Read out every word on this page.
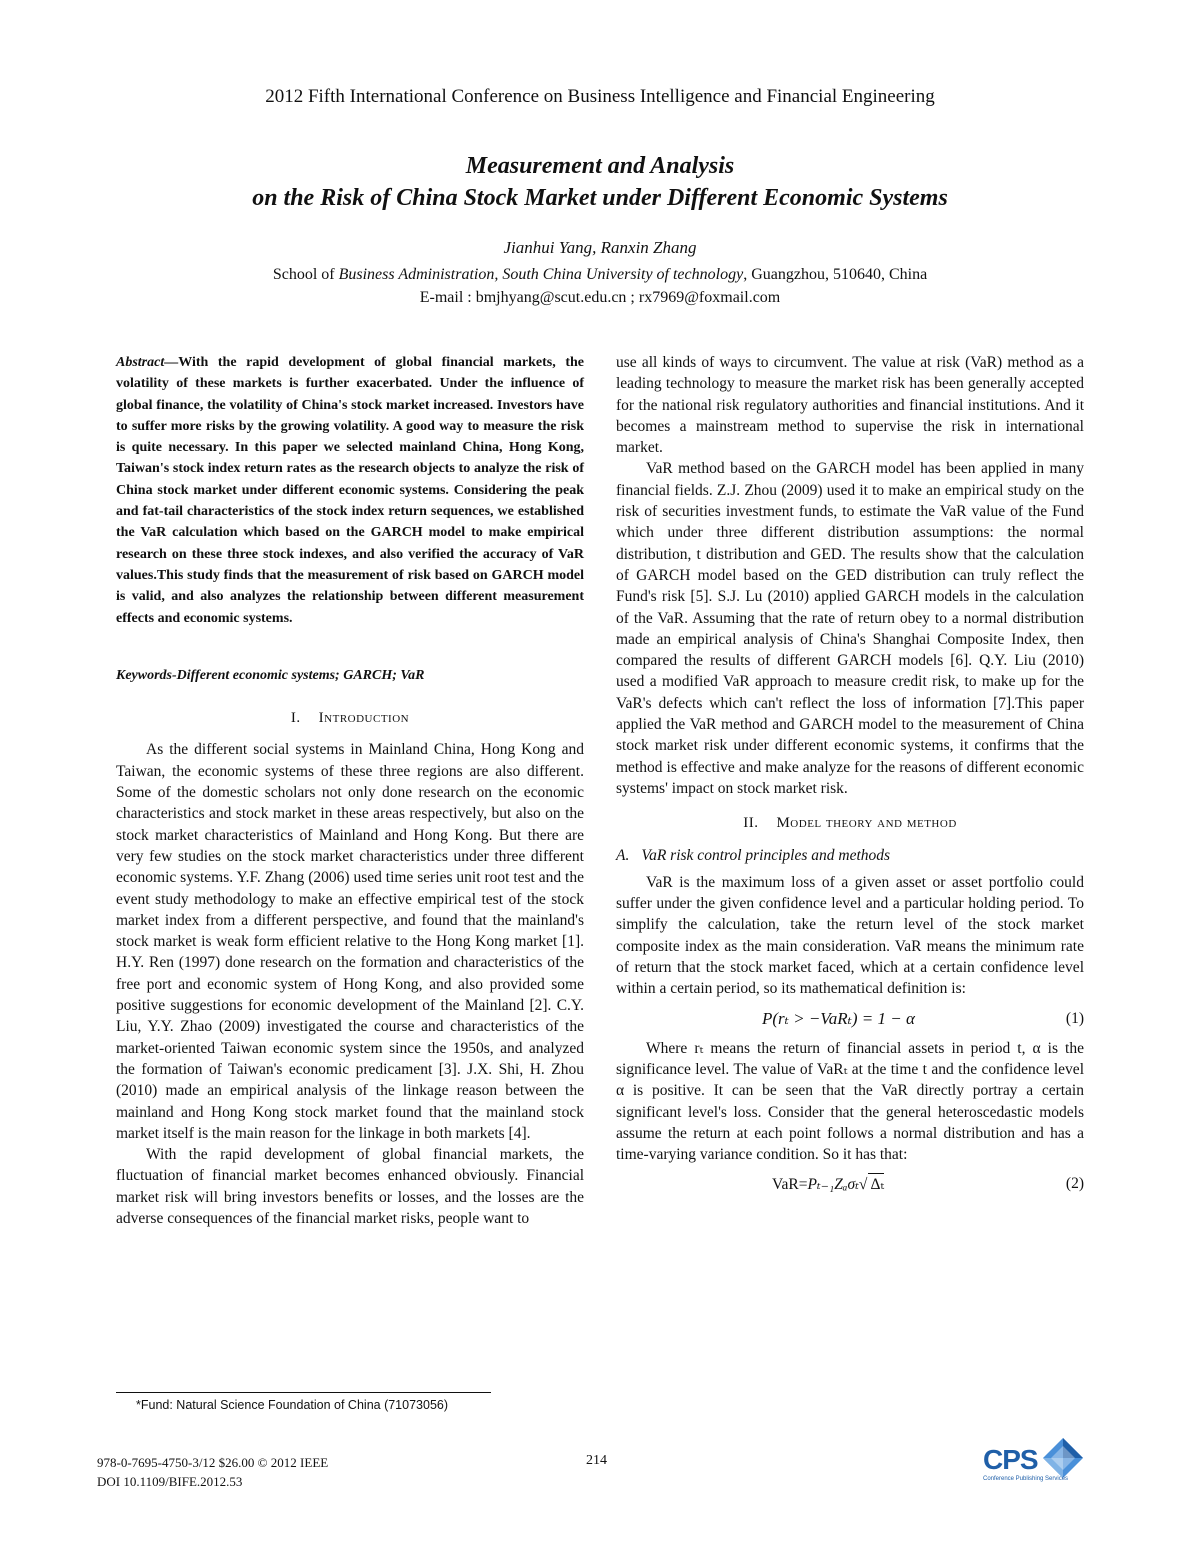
2012 Fifth International Conference on Business Intelligence and Financial Engineering
Measurement and Analysis
on the Risk of China Stock Market under Different Economic Systems
Jianhui Yang, Ranxin Zhang
School of Business Administration, South China University of technology, Guangzhou, 510640, China
E-mail : bmjhyang@scut.edu.cn ; rx7969@foxmail.com

Abstract—With the rapid development of global financial markets, the volatility of these markets is further exacerbated. Under the influence of global finance, the volatility of China's stock market increased. Investors have to suffer more risks by the growing volatility. A good way to measure the risk is quite necessary. In this paper we selected mainland China, Hong Kong, Taiwan's stock index return rates as the research objects to analyze the risk of China stock market under different economic systems. Considering the peak and fat-tail characteristics of the stock index return sequences, we established the VaR calculation which based on the GARCH model to make empirical research on these three stock indexes, and also verified the accuracy of VaR values.This study finds that the measurement of risk based on GARCH model is valid, and also analyzes the relationship between different measurement effects and economic systems.

Keywords-Different economic systems; GARCH; VaR
I. Introduction

As the different social systems in Mainland China, Hong Kong and Taiwan, the economic systems of these three regions are also different. Some of the domestic scholars not only done research on the economic characteristics and stock market in these areas respectively, but also on the stock market characteristics of Mainland and Hong Kong. But there are very few studies on the stock market characteristics under three different economic systems. Y.F. Zhang (2006) used time series unit root test and the event study methodology to make an effective empirical test of the stock market index from a different perspective, and found that the mainland's stock market is weak form efficient relative to the Hong Kong market [1]. H.Y. Ren (1997) done research on the formation and characteristics of the free port and economic system of Hong Kong, and also provided some positive suggestions for economic development of the Mainland [2]. C.Y. Liu, Y.Y. Zhao (2009) investigated the course and characteristics of the market-oriented Taiwan economic system since the 1950s, and analyzed the formation of Taiwan's economic predicament [3]. J.X. Shi, H. Zhou (2010) made an empirical analysis of the linkage reason between the mainland and Hong Kong stock market found that the mainland stock market itself is the main reason for the linkage in both markets [4].

With the rapid development of global financial markets, the fluctuation of financial market becomes enhanced obviously. Financial market risk will bring investors benefits or losses, and the losses are the adverse consequences of the financial market risks, people want to

use all kinds of ways to circumvent. The value at risk (VaR) method as a leading technology to measure the market risk has been generally accepted for the national risk regulatory authorities and financial institutions. And it becomes a mainstream method to supervise the risk in international market.

VaR method based on the GARCH model has been applied in many financial fields. Z.J. Zhou (2009) used it to make an empirical study on the risk of securities investment funds, to estimate the VaR value of the Fund which under three different distribution assumptions: the normal distribution, t distribution and GED. The results show that the calculation of GARCH model based on the GED distribution can truly reflect the Fund's risk [5]. S.J. Lu (2010) applied GARCH models in the calculation of the VaR. Assuming that the rate of return obey to a normal distribution made an empirical analysis of China's Shanghai Composite Index, then compared the results of different GARCH models [6]. Q.Y. Liu (2010) used a modified VaR approach to measure credit risk, to make up for the VaR's defects which can't reflect the loss of information [7].This paper applied the VaR method and GARCH model to the measurement of China stock market risk under different economic systems, it confirms that the method is effective and make analyze for the reasons of different economic systems' impact on stock market risk.

II. Model theory and method
A. VaR risk control principles and methods

VaR is the maximum loss of a given asset or asset portfolio could suffer under the given confidence level and a particular holding period. To simplify the calculation, take the return level of the stock market composite index as the main consideration. VaR means the minimum rate of return that the stock market faced, which at a certain confidence level within a certain period, so its mathematical definition is:

P(rₜ > −VaRₜ) = 1 − α	(1)

Where rₜ means the return of financial assets in period t, α is the significance level. The value of VaRₜ at the time t and the confidence level α is positive. It can be seen that the VaR directly portray a certain significant level's loss. Consider that the general heteroscedastic models assume the return at each point follows a normal distribution and has a time-varying variance condition. So it has that:

VaR=Pₜ₋₁Zₐσₜ√ Δₜ	(2)
*Fund: Natural Science Foundation of China (71073056)
978-0-7695-4750-3/12 $26.00 © 2012 IEEE
DOI 10.1109/BIFE.2012.53
214	CPS
Conference Publishing Services
